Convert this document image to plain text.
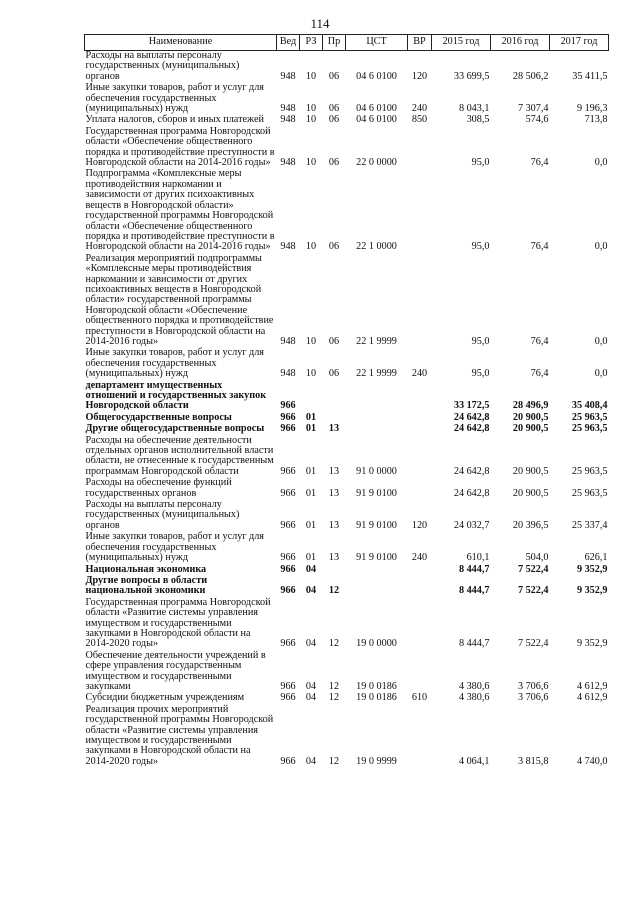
114
Наименование	Вед	РЗ	Пр	ЦСТ	ВР	2015 год	2016 год	2017 год
Расходы на выплаты персоналу государственных (муниципальных) органов	948	10	06	04 6 0100	120	33 699,5	28 506,2	35 411,5
Иные закупки товаров, работ и услуг для обеспечения государственных (муниципальных) нужд	948	10	06	04 6 0100	240	8 043,1	7 307,4	9 196,3
Уплата налогов, сборов и иных платежей	948	10	06	04 6 0100	850	308,5	574,6	713,8
Государственная программа Новгородской области «Обеспечение общественного порядка и противодействие преступности в Новгородской области на 2014-2016 годы»	948	10	06	22 0 0000		95,0	76,4	0,0
Подпрограмма «Комплексные меры противодействия наркомании и зависимости от других психоактивных веществ в Новгородской области» государственной программы Новгородской области «Обеспечение общественного порядка и противодействие преступности в Новгородской области на 2014-2016 годы»	948	10	06	22 1 0000		95,0	76,4	0,0
Реализация мероприятий подпрограммы «Комплексные меры противодействия наркомании и зависимости от других психоактивных веществ в Новгородской области» государственной программы Новгородской области «Обеспечение общественного порядка и противодействие преступности в Новгородской области на 2014-2016 годы»	948	10	06	22 1 9999		95,0	76,4	0,0
Иные закупки товаров, работ и услуг для обеспечения государственных (муниципальных) нужд	948	10	06	22 1 9999	240	95,0	76,4	0,0
департамент имущественных отношений и государственных закупок Новгородской области	966					33 172,5	28 496,9	35 408,4
Общегосударственные вопросы	966	01				24 642,8	20 900,5	25 963,5
Другие общегосударственные вопросы	966	01	13			24 642,8	20 900,5	25 963,5
Расходы на обеспечение деятельности отдельных органов исполнительной власти области, не отнесенные к государственным программам Новгородской области	966	01	13	91 0 0000		24 642,8	20 900,5	25 963,5
Расходы на обеспечение функций государственных органов	966	01	13	91 9 0100		24 642,8	20 900,5	25 963,5
Расходы на выплаты персоналу государственных (муниципальных) органов	966	01	13	91 9 0100	120	24 032,7	20 396,5	25 337,4
Иные закупки товаров, работ и услуг для обеспечения государственных (муниципальных) нужд	966	01	13	91 9 0100	240	610,1	504,0	626,1
Национальная экономика	966	04				8 444,7	7 522,4	9 352,9
Другие вопросы в области национальной экономики	966	04	12			8 444,7	7 522,4	9 352,9
Государственная программа Новгородской области «Развитие системы управления имуществом и государственными закупками в Новгородской области на 2014-2020 годы»	966	04	12	19 0 0000		8 444,7	7 522,4	9 352,9
Обеспечение деятельности учреждений в сфере управления государственным имуществом и государственными закупками	966	04	12	19 0 0186		4 380,6	3 706,6	4 612,9
Субсидии бюджетным учреждениям	966	04	12	19 0 0186	610	4 380,6	3 706,6	4 612,9
Реализация прочих мероприятий государственной программы Новгородской области «Развитие системы управления имуществом и государственными закупками в Новгородской области на 2014-2020 годы»	966	04	12	19 0 9999		4 064,1	3 815,8	4 740,0
